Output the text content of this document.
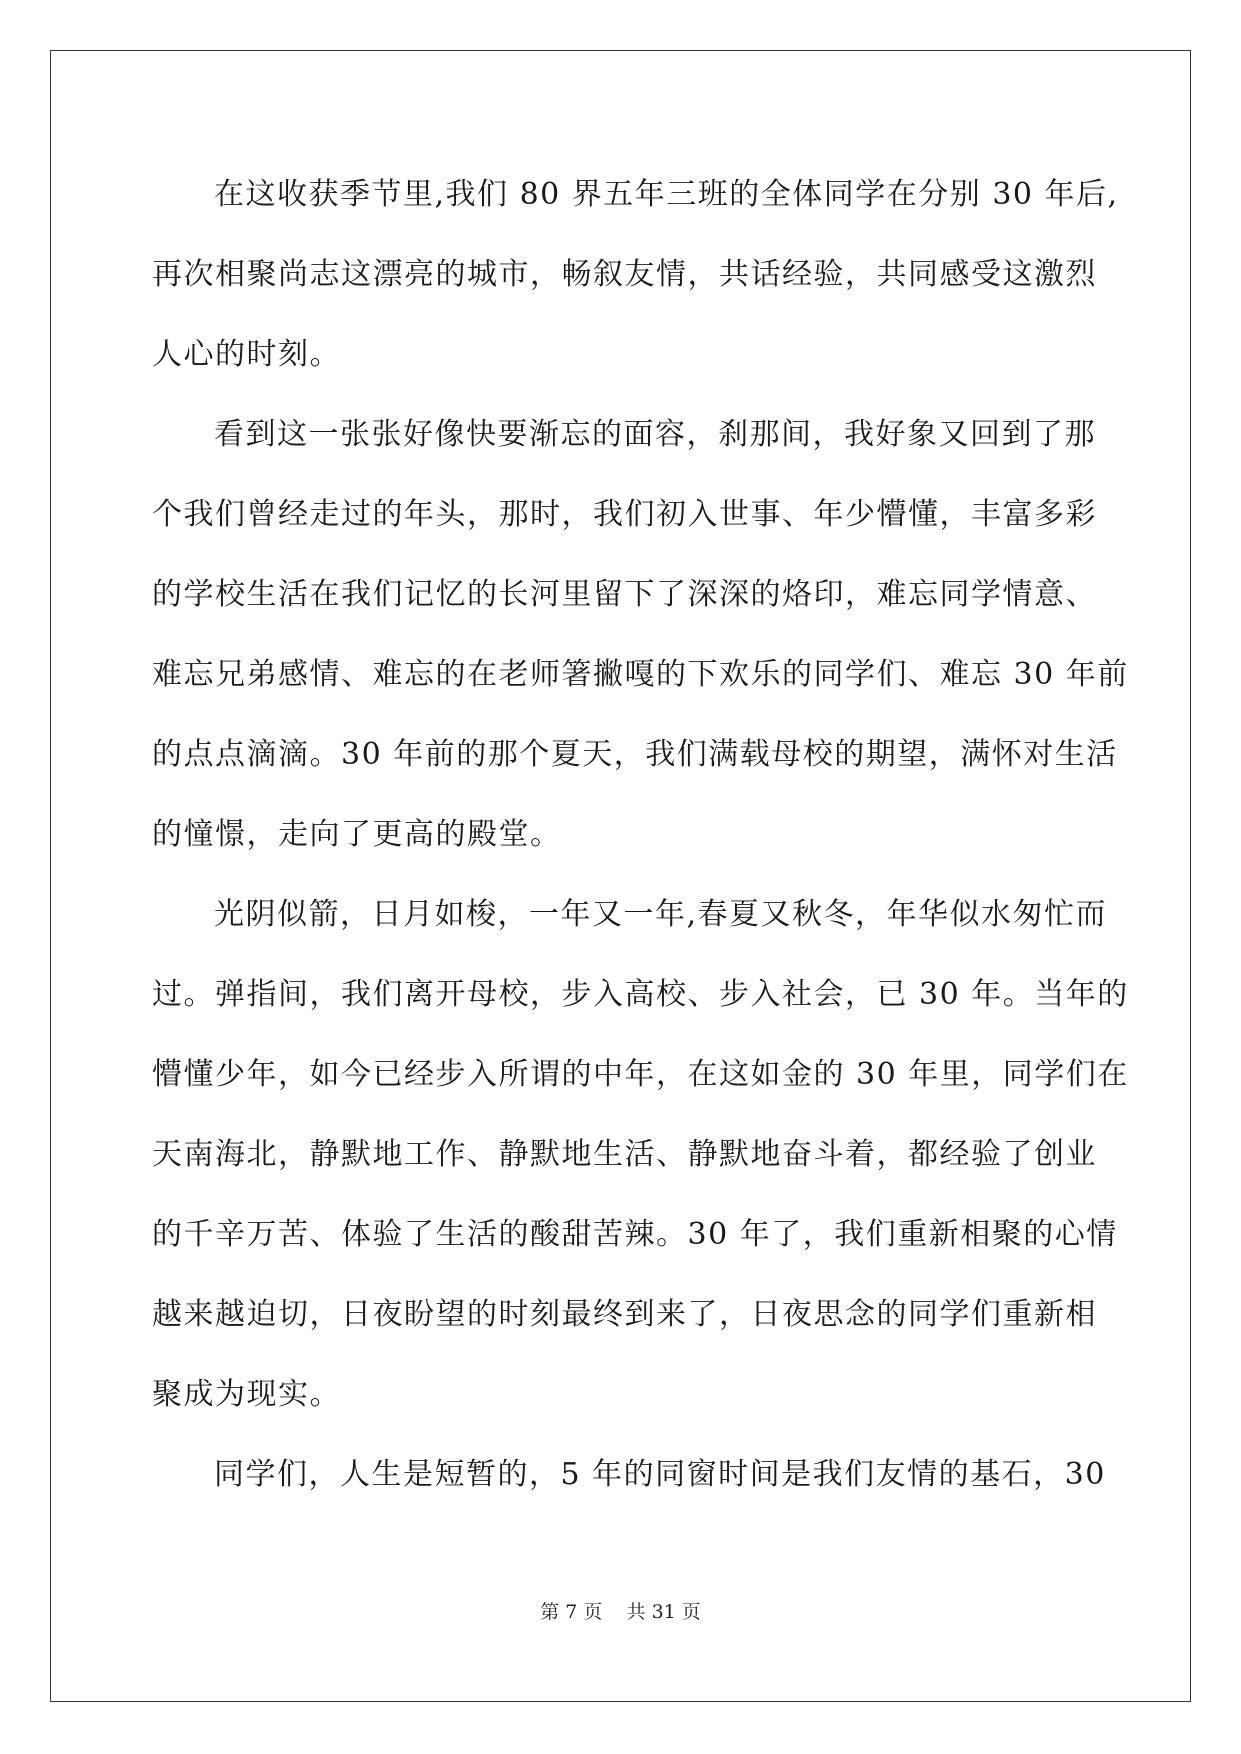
在这收获季节里,我们 80 界五年三班的全体同学在分别 30 年后,
再次相聚尚志这漂亮的城市，畅叙友情，共话经验，共同感受这激烈
人心的时刻。
看到这一张张好像快要渐忘的面容，刹那间，我好象又回到了那
个我们曾经走过的年头，那时，我们初入世事、年少懵懂，丰富多彩
的学校生活在我们记忆的长河里留下了深深的烙印，难忘同学情意、
难忘兄弟感情、难忘的在老师箸撇嘎的下欢乐的同学们、难忘 30 年前
的点点滴滴。30 年前的那个夏天，我们满载母校的期望，满怀对生活
的憧憬，走向了更高的殿堂。
光阴似箭，日月如梭，一年又一年,春夏又秋冬，年华似水匆忙而
过。弹指间，我们离开母校，步入高校、步入社会，已 30 年。当年的
懵懂少年，如今已经步入所谓的中年，在这如金的 30 年里，同学们在
天南海北，静默地工作、静默地生活、静默地奋斗着，都经验了创业
的千辛万苦、体验了生活的酸甜苦辣。30 年了，我们重新相聚的心情
越来越迫切，日夜盼望的时刻最终到来了，日夜思念的同学们重新相
聚成为现实。
同学们，人生是短暂的，5 年的同窗时间是我们友情的基石，30
第 7 页    共 31 页
